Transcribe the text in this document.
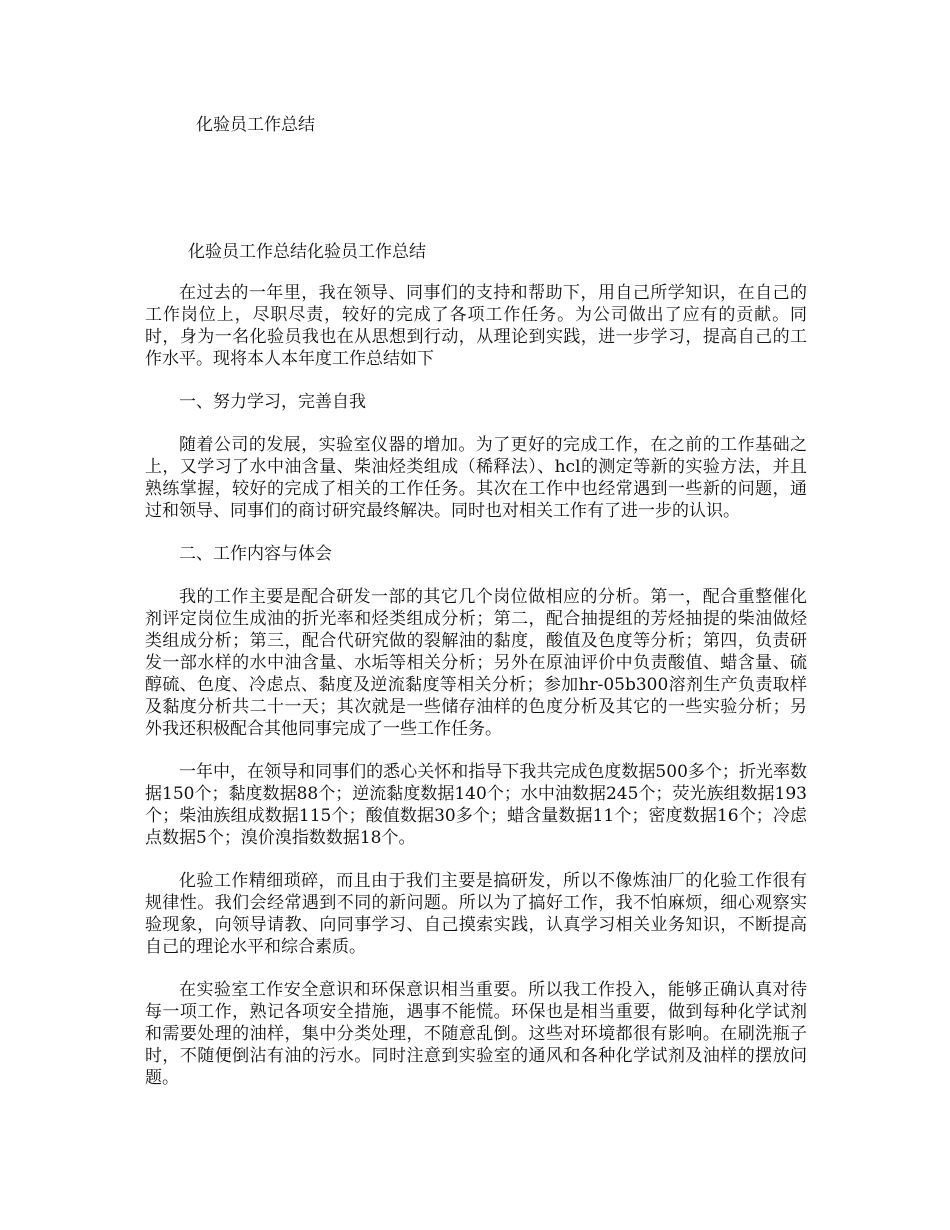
化验员工作总结
化验员工作总结化验员工作总结

在过去的一年里，我在领导、同事们的支持和帮助下，用自己所学知识，在自己的工作岗位上，尽职尽责，较好的完成了各项工作任务。为公司做出了应有的贡献。同时，身为一名化验员我也在从思想到行动，从理论到实践，进一步学习，提高自己的工作水平。现将本人本年度工作总结如下

一、努力学习，完善自我

随着公司的发展，实验室仪器的增加。为了更好的完成工作，在之前的工作基础之上，又学习了水中油含量、柴油烃类组成（稀释法）、hcl的测定等新的实验方法，并且熟练掌握，较好的完成了相关的工作任务。其次在工作中也经常遇到一些新的问题，通过和领导、同事们的商讨研究最终解决。同时也对相关工作有了进一步的认识。

二、工作内容与体会

我的工作主要是配合研发一部的其它几个岗位做相应的分析。第一，配合重整催化剂评定岗位生成油的折光率和烃类组成分析；第二，配合抽提组的芳烃抽提的柴油做烃类组成分析；第三，配合代研究做的裂解油的黏度，酸值及色度等分析；第四，负责研发一部水样的水中油含量、水垢等相关分析；另外在原油评价中负责酸值、蜡含量、硫醇硫、色度、冷虑点、黏度及逆流黏度等相关分析；参加hr-05b300溶剂生产负责取样及黏度分析共二十一天；其次就是一些储存油样的色度分析及其它的一些实验分析；另外我还积极配合其他同事完成了一些工作任务。

一年中，在领导和同事们的悉心关怀和指导下我共完成色度数据500多个；折光率数据150个；黏度数据88个；逆流黏度数据140个；水中油数据245个；荧光族组数据193个；柴油族组成数据115个；酸值数据30多个；蜡含量数据11个；密度数据16个；冷虑点数据5个；溴价溴指数数据18个。

化验工作精细琐碎，而且由于我们主要是搞研发，所以不像炼油厂的化验工作很有规律性。我们会经常遇到不同的新问题。所以为了搞好工作，我不怕麻烦，细心观察实验现象，向领导请教、向同事学习、自己摸索实践，认真学习相关业务知识，不断提高自己的理论水平和综合素质。

在实验室工作安全意识和环保意识相当重要。所以我工作投入，能够正确认真对待每一项工作，熟记各项安全措施，遇事不能慌。环保也是相当重要，做到每种化学试剂和需要处理的油样，集中分类处理，不随意乱倒。这些对环境都很有影响。在刷洗瓶子时，不随便倒沾有油的污水。同时注意到实验室的通风和各种化学试剂及油样的摆放问题。
